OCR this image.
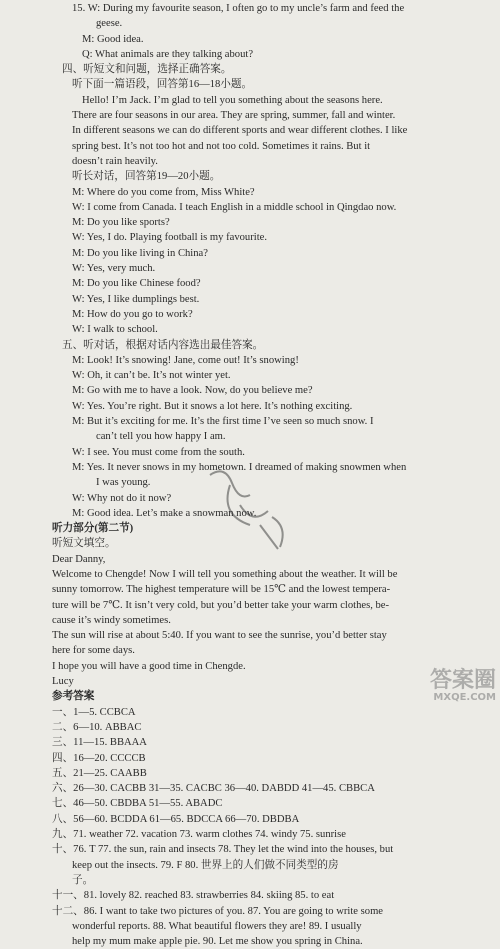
15. W: During my favourite season, I often go to my uncle’s farm and feed the
geese.
M: Good idea.
Q: What animals are they talking about?
四、听短文和问题，选择正确答案。
听下面一篇语段，回答第16—18小题。
Hello! I’m Jack. I’m glad to tell you something about the seasons here.
There are four seasons in our area. They are spring, summer, fall and winter.
In different seasons we can do different sports and wear different clothes. I like
spring best. It’s not too hot and not too cold. Sometimes it rains. But it
doesn’t rain heavily.
听长对话，回答第19—20小题。
M: Where do you come from, Miss White?
W: I come from Canada. I teach English in a middle school in Qingdao now.
M: Do you like sports?
W: Yes, I do. Playing football is my favourite.
M: Do you like living in China?
W: Yes, very much.
M: Do you like Chinese food?
W: Yes, I like dumplings best.
M: How do you go to work?
W: I walk to school.
五、听对话，根据对话内容选出最佳答案。
M: Look! It’s snowing! Jane, come out! It’s snowing!
W: Oh, it can’t be. It’s not winter yet.
M: Go with me to have a look. Now, do you believe me?
W: Yes. You’re right. But it snows a lot here. It’s nothing exciting.
M: But it’s exciting for me. It’s the first time I’ve seen so much snow. I
can’t tell you how happy I am.
W: I see. You must come from the south.
M: Yes. It never snows in my hometown. I dreamed of making snowmen when
I was young.
W: Why not do it now?
M: Good idea. Let’s make a snowman now.
听力部分(第二节)
听短文填空。
Dear Danny,
Welcome to Chengde! Now I will tell you something about the weather. It will be
sunny tomorrow. The highest temperature will be 15℃ and the lowest tempera-
ture will be 7℃. It isn’t very cold, but you’d better take your warm clothes, be-
cause it’s windy sometimes.
The sun will rise at about 5:40. If you want to see the sunrise, you’d better stay
here for some days.
I hope you will have a good time in Chengde.
Lucy
参考答案
一、1—5. CCBCA
二、6—10. ABBAC
三、11—15. BBAAA
四、16—20. CCCCB
五、21—25. CAABB
六、26—30. CACBB 31—35. CACBC 36—40. DABDD 41—45. CBBCA
七、46—50. CBDBA 51—55. ABADC
八、56—60. BCDDA 61—65. BDCCA 66—70. DBDBA
九、71. weather 72. vacation 73. warm clothes 74. windy 75. sunrise
十、76. T 77. the sun, rain and insects 78. They let the wind into the houses, but
keep out the insects. 79. F 80. 世界上的人们做不同类型的房
子。
十一、81. lovely 82. reached 83. strawberries 84. skiing 85. to eat
十二、86. I want to take two pictures of you. 87. You are going to write some
wonderful reports. 88. What beautiful flowers they are! 89. I usually
help my mum make apple pie. 90. Let me show you spring in China.
答案圈
MXQE.COM
